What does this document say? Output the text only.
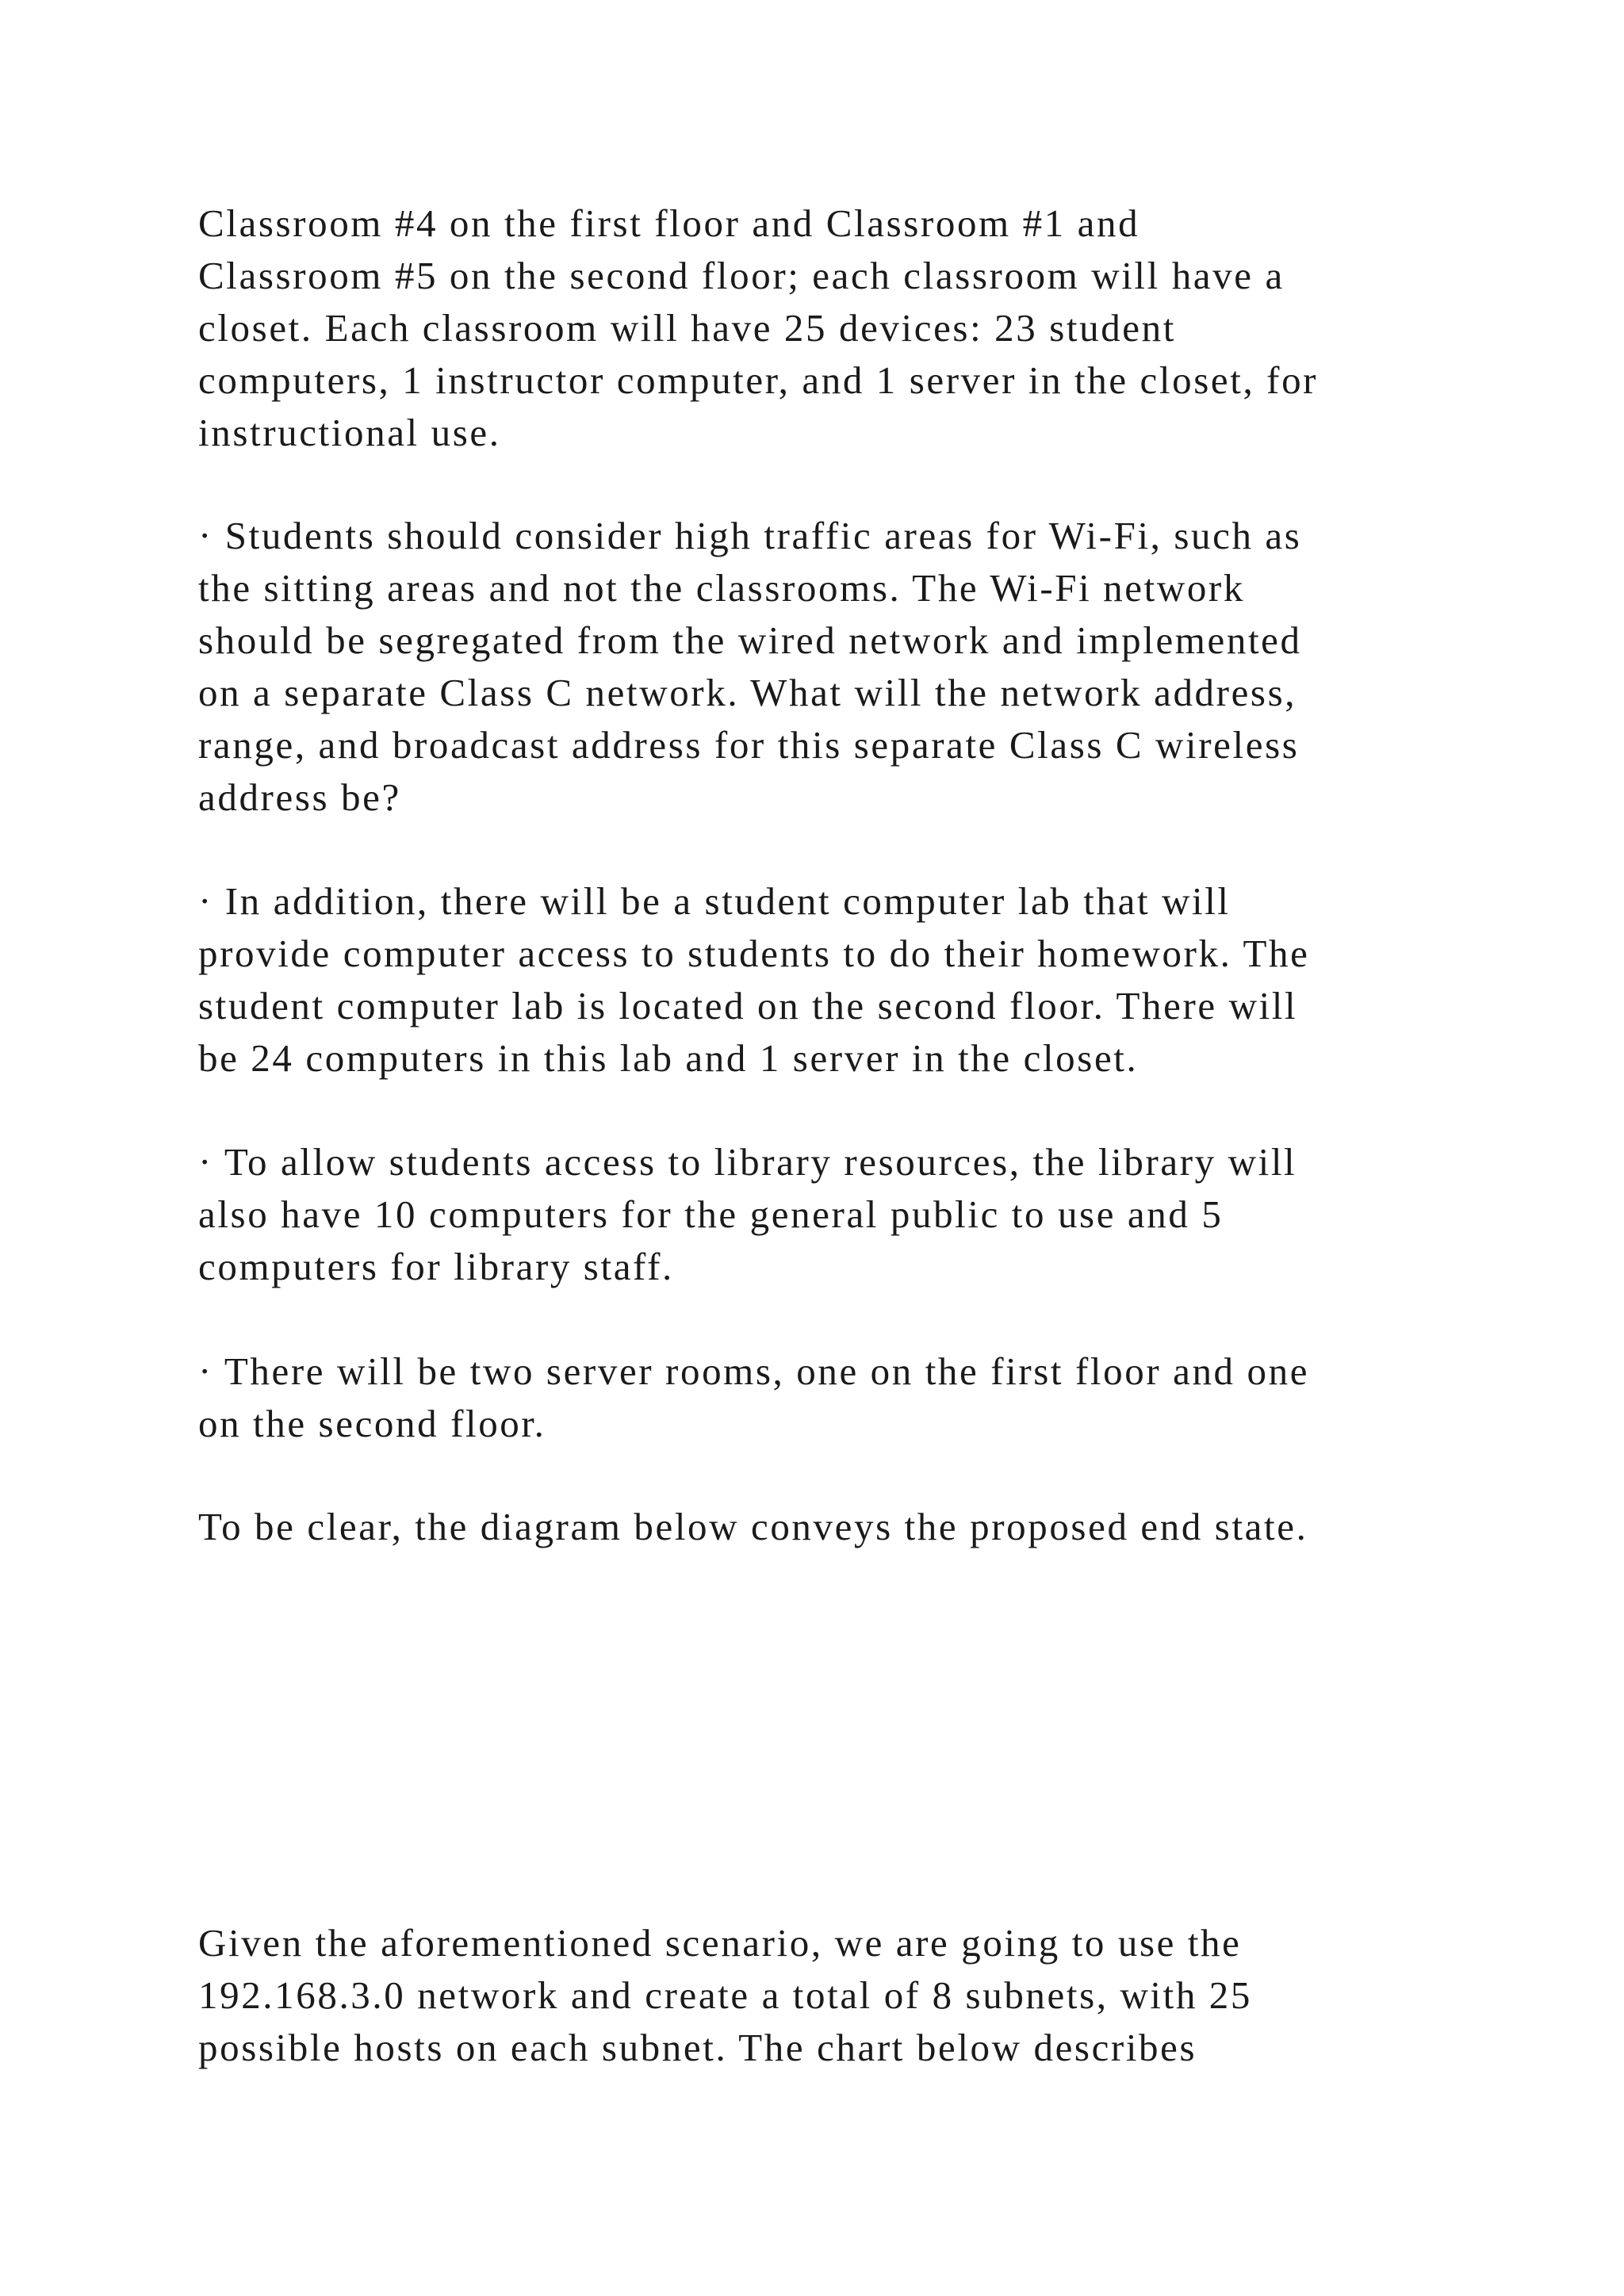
Classroom #4 on the first floor and Classroom #1 and
Classroom #5 on the second floor; each classroom will have a
closet. Each classroom will have 25 devices: 23 student
computers, 1 instructor computer, and 1 server in the closet, for
instructional use.
· Students should consider high traffic areas for Wi-Fi, such as
the sitting areas and not the classrooms. The Wi-Fi network
should be segregated from the wired network and implemented
on a separate Class C network. What will the network address,
range, and broadcast address for this separate Class C wireless
address be?
· In addition, there will be a student computer lab that will
provide computer access to students to do their homework. The
student computer lab is located on the second floor. There will
be 24 computers in this lab and 1 server in the closet.
· To allow students access to library resources, the library will
also have 10 computers for the general public to use and 5
computers for library staff.
· There will be two server rooms, one on the first floor and one
on the second floor.
To be clear, the diagram below conveys the proposed end state.
Given the aforementioned scenario, we are going to use the
192.168.3.0 network and create a total of 8 subnets, with 25
possible hosts on each subnet. The chart below describes
